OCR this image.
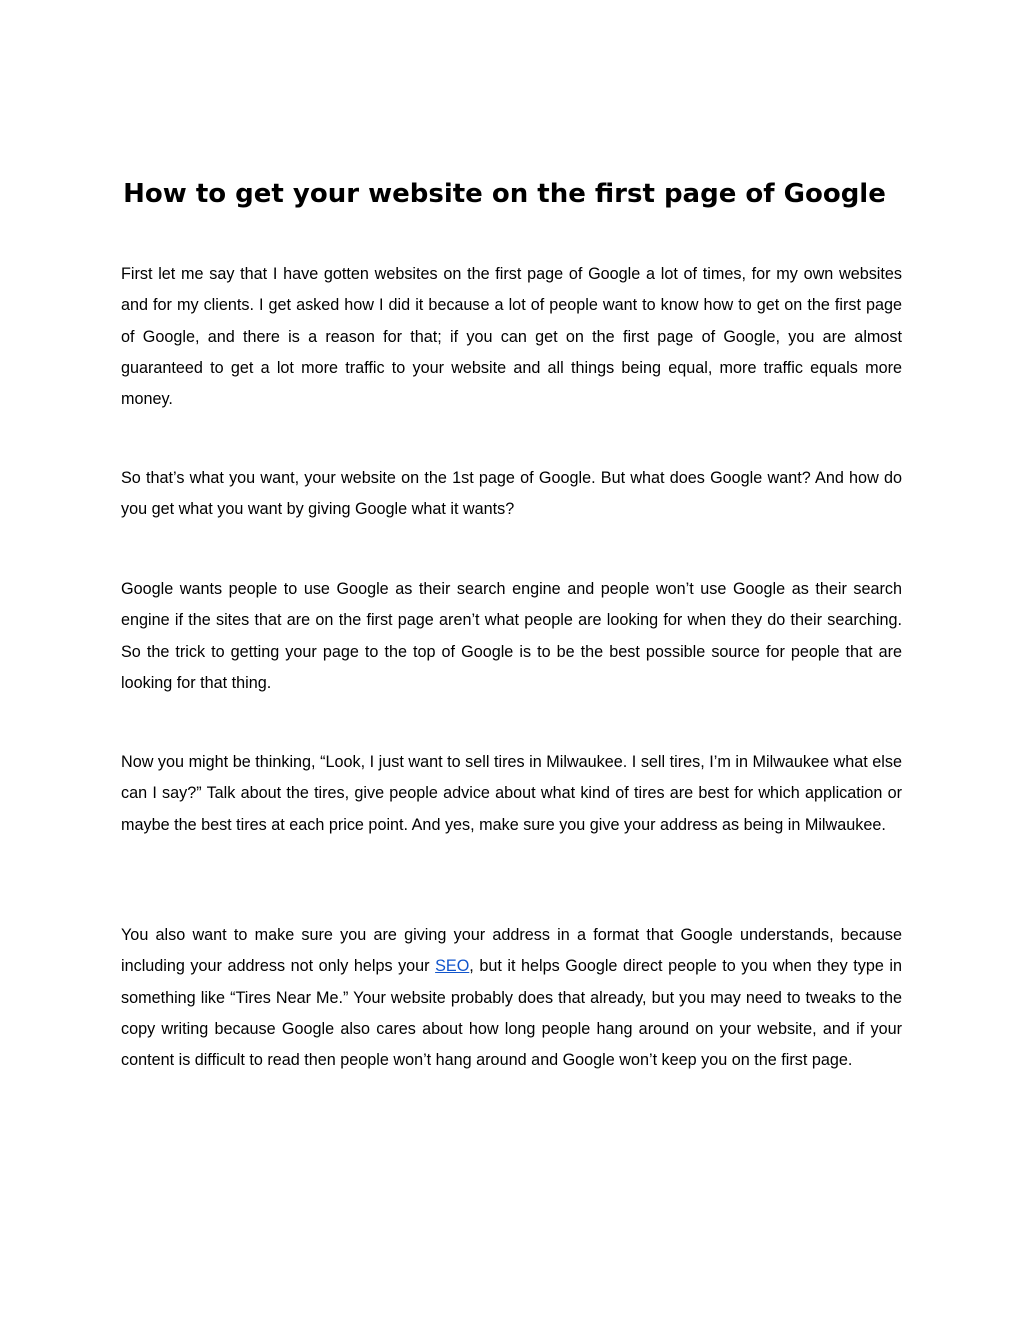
How to get your website on the first page of Google

First let me say that I have gotten websites on the first page of Google a lot of times, for my own websites and for my clients. I get asked how I did it because a lot of people want to know how to get on the first page of Google, and there is a reason for that; if you can get on the first page of Google, you are almost guaranteed to get a lot more traffic to your website and all things being equal, more traffic equals more money.

So that’s what you want, your website on the 1st page of Google. But what does Google want? And how do you get what you want by giving Google what it wants?

Google wants people to use Google as their search engine and people won’t use Google as their search engine if the sites that are on the first page aren’t what people are looking for when they do their searching. So the trick to getting your page to the top of Google is to be the best possible source for people that are looking for that thing.

Now you might be thinking, “Look, I just want to sell tires in Milwaukee. I sell tires, I’m in Milwaukee what else can I say?” Talk about the tires, give people advice about what kind of tires are best for which application or maybe the best tires at each price point. And yes, make sure you give your address as being in Milwaukee.

You also want to make sure you are giving your address in a format that Google understands, because including your address not only helps your SEO, but it helps Google direct people to you when they type in something like “Tires Near Me.” Your website probably does that already, but you may need to tweaks to the copy writing because Google also cares about how long people hang around on your website, and if your content is difficult to read then people won’t hang around and Google won’t keep you on the first page.
